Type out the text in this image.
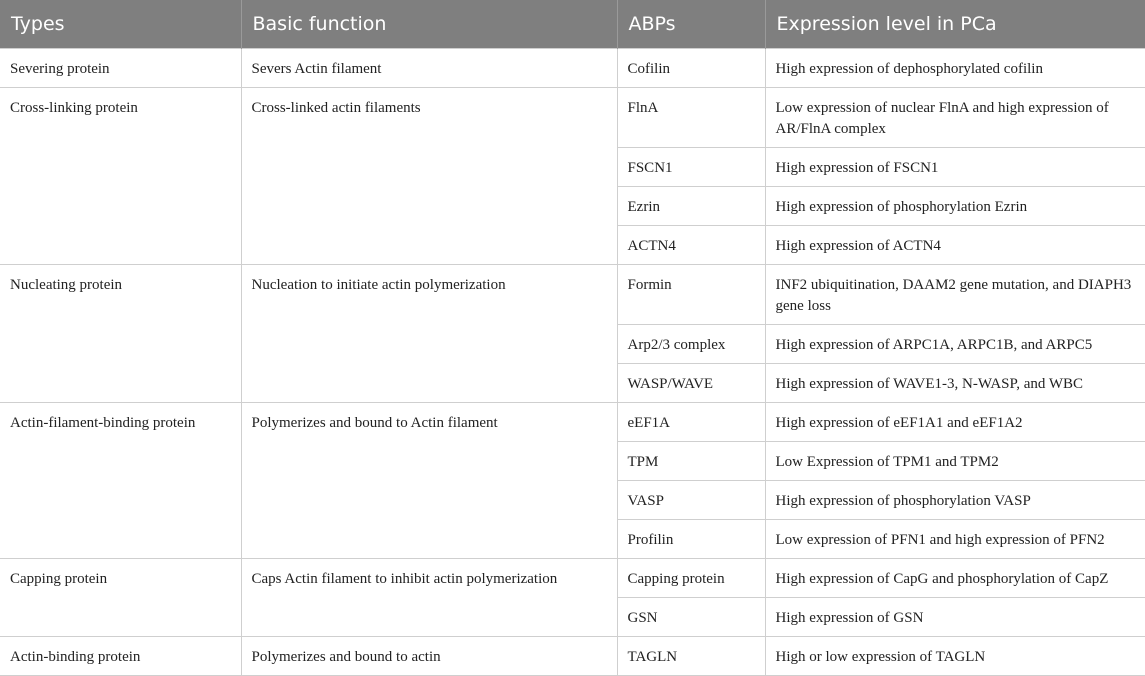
Types	Basic function	ABPs	Expression level in PCa
Severing protein	Severs Actin filament	Cofilin	High expression of dephosphorylated cofilin
Cross-linking protein	Cross-linked actin filaments	FlnA	Low expression of nuclear FlnA and high expression of AR/FlnA complex
		FSCN1	High expression of FSCN1
		Ezrin	High expression of phosphorylation Ezrin
		ACTN4	High expression of ACTN4
Nucleating protein	Nucleation to initiate actin polymerization	Formin	INF2 ubiquitination, DAAM2 gene mutation, and DIAPH3 gene loss
		Arp2/3 complex	High expression of ARPC1A, ARPC1B, and ARPC5
		WASP/WAVE	High expression of WAVE1-3, N-WASP, and WBC
Actin-filament-binding protein	Polymerizes and bound to Actin filament	eEF1A	High expression of eEF1A1 and eEF1A2
		TPM	Low Expression of TPM1 and TPM2
		VASP	High expression of phosphorylation VASP
		Profilin	Low expression of PFN1 and high expression of PFN2
Capping protein	Caps Actin filament to inhibit actin polymerization	Capping protein	High expression of CapG and phosphorylation of CapZ
		GSN	High expression of GSN
Actin-binding protein	Polymerizes and bound to actin	TAGLN	High or low expression of TAGLN
